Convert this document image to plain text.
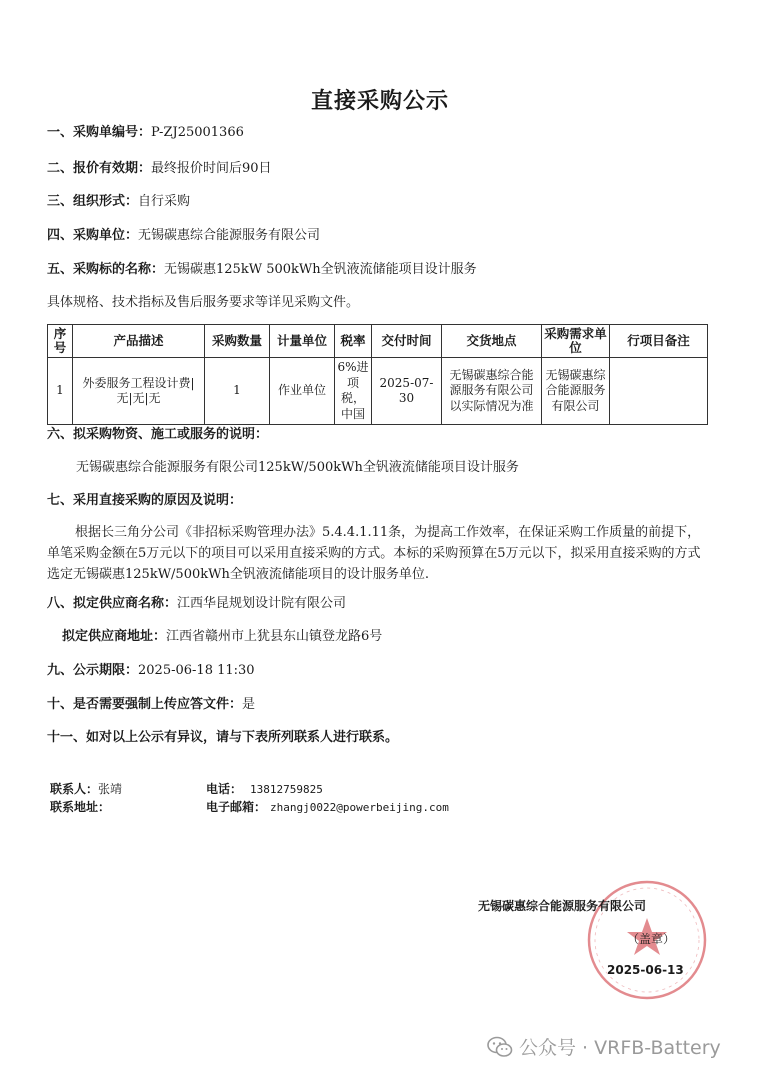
直接采购公示
一、采购单编号：P-ZJ25001366
二、报价有效期：最终报价时间后90日
三、组织形式：自行采购
四、采购单位：无锡碳惠综合能源服务有限公司
五、采购标的名称：无锡碳惠125kW 500kWh全钒液流储能项目设计服务
具体规格、技术指标及售后服务要求等详见采购文件。
序号	产品描述	采购数量	计量单位	税率	交付时间	交货地点	采购需求单位	行项目备注
1	外委服务工程设计费|无|无|无	1	作业单位	6%进项税，中国	2025-07-30	无锡碳惠综合能源服务有限公司以实际情况为准	无锡碳惠综合能源服务有限公司	
六、拟采购物资、施工或服务的说明：
无锡碳惠综合能源服务有限公司125kW/500kWh全钒液流储能项目设计服务
七、采用直接采购的原因及说明：
根据长三角分公司《非招标采购管理办法》5.4.4.1.11条，为提高工作效率，在保证采购工作质量的前提下，单笔采购金额在5万元以下的项目可以采用直接采购的方式。本标的采购预算在5万元以下，拟采用直接采购的方式选定无锡碳惠125kW/500kWh全钒液流储能项目的设计服务单位.
八、拟定供应商名称：江西华昆规划设计院有限公司
拟定供应商地址：江西省赣州市上犹县东山镇登龙路6号
九、公示期限：2025-06-18 11:30
十、是否需要强制上传应答文件：是
十一、如对以上公示有异议，请与下表所列联系人进行联系。
联系人：张靖	电话： 13812759825
联系地址：	电子邮箱： zhangj0022@powerbeijing.com
无锡碳惠综合能源服务有限公司
（盖章）
2025-06-13
公众号 · VRFB-Battery
